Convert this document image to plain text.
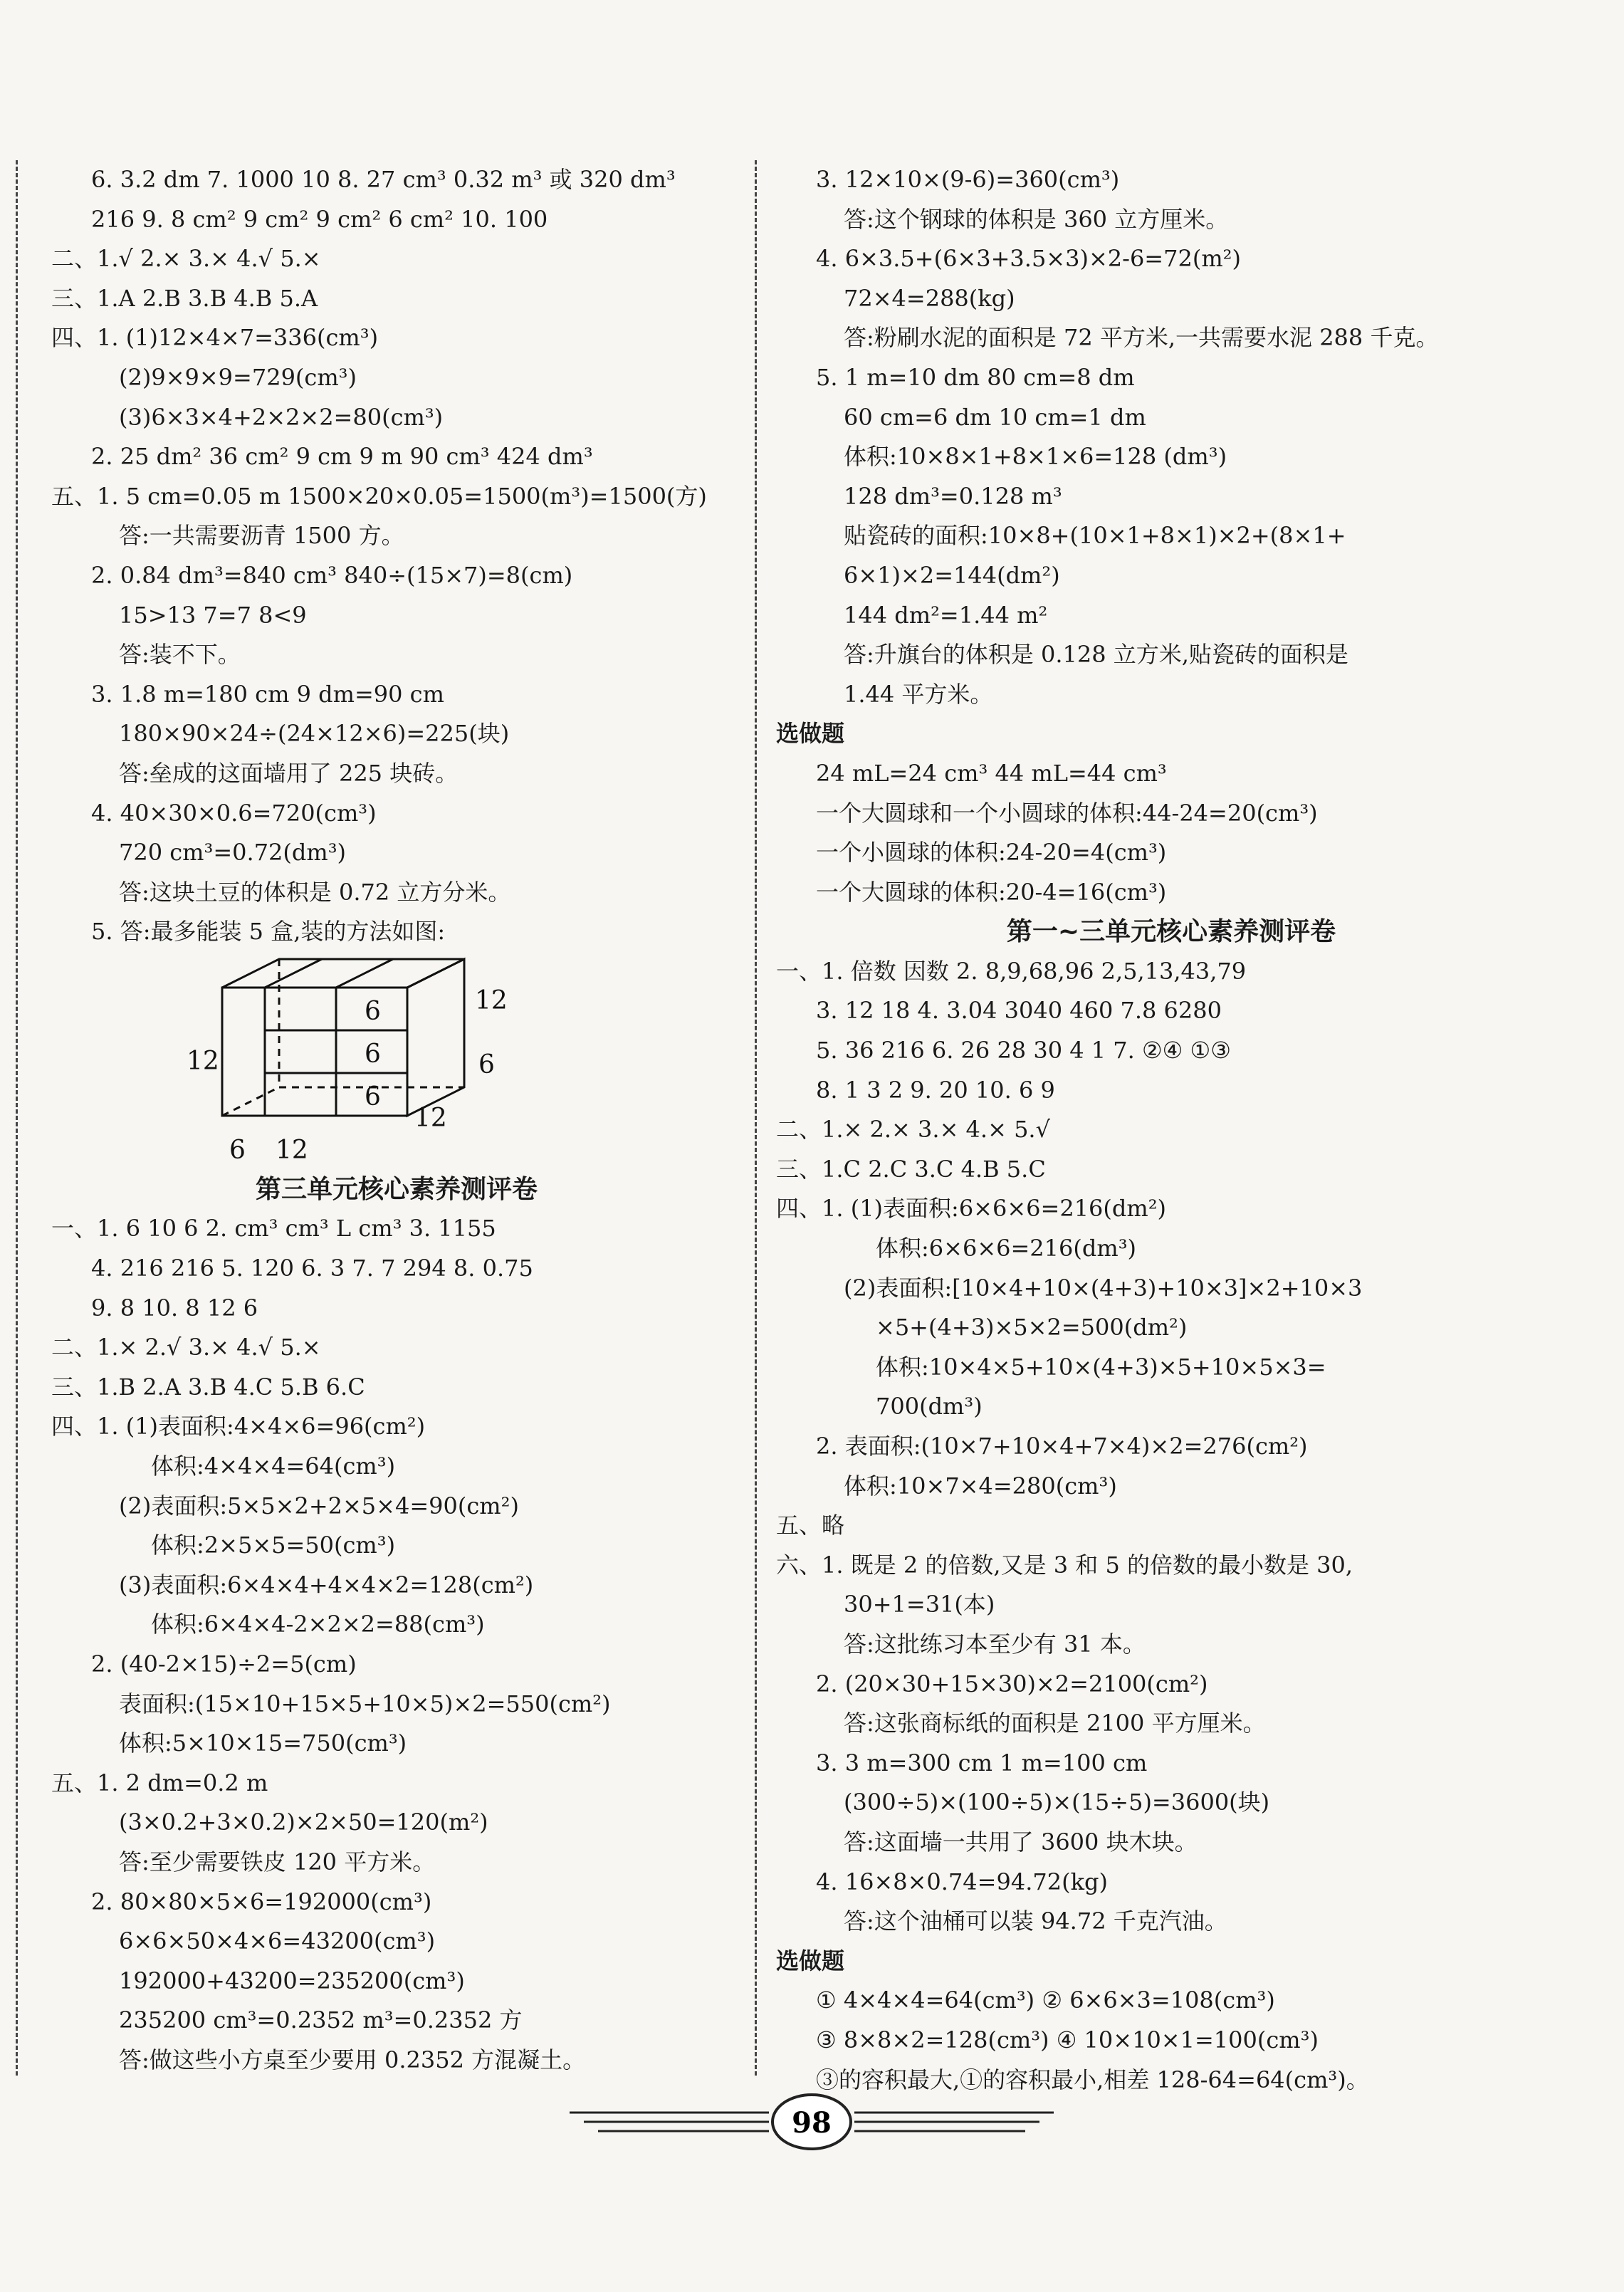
6. 3.2 dm 7. 1000 10 8. 27 cm³ 0.32 m³ 或 320 dm³
216 9. 8 cm² 9 cm² 9 cm² 6 cm² 10. 100
二、1.√ 2.× 3.× 4.√ 5.×
三、1.A 2.B 3.B 4.B 5.A
四、1. (1)12×4×7=336(cm³)
(2)9×9×9=729(cm³)
(3)6×3×4+2×2×2=80(cm³)
2. 25 dm² 36 cm² 9 cm 9 m 90 cm³ 424 dm³
五、1. 5 cm=0.05 m 1500×20×0.05=1500(m³)=1500(方)
答:一共需要沥青 1500 方。
2. 0.84 dm³=840 cm³ 840÷(15×7)=8(cm)
15>13 7=7 8<9
答:装不下。
3. 1.8 m=180 cm 9 dm=90 cm
180×90×24÷(24×12×6)=225(块)
答:垒成的这面墙用了 225 块砖。
4. 40×30×0.6=720(cm³)
720 cm³=0.72(dm³)
答:这块土豆的体积是 0.72 立方分米。
5. 答:最多能装 5 盒,装的方法如图:
6
6
6
12
12
6
12
6 12
第三单元核心素养测评卷
一、1. 6 10 6 2. cm³ cm³ L cm³ 3. 1155
4. 216 216 5. 120 6. 3 7. 7 294 8. 0.75
9. 8 10. 8 12 6
二、1.× 2.√ 3.× 4.√ 5.×
三、1.B 2.A 3.B 4.C 5.B 6.C
四、1. (1)表面积:4×4×6=96(cm²)
体积:4×4×4=64(cm³)
(2)表面积:5×5×2+2×5×4=90(cm²)
体积:2×5×5=50(cm³)
(3)表面积:6×4×4+4×4×2=128(cm²)
体积:6×4×4-2×2×2=88(cm³)
2. (40-2×15)÷2=5(cm)
表面积:(15×10+15×5+10×5)×2=550(cm²)
体积:5×10×15=750(cm³)
五、1. 2 dm=0.2 m
(3×0.2+3×0.2)×2×50=120(m²)
答:至少需要铁皮 120 平方米。
2. 80×80×5×6=192000(cm³)
6×6×50×4×6=43200(cm³)
192000+43200=235200(cm³)
235200 cm³=0.2352 m³=0.2352 方
答:做这些小方桌至少要用 0.2352 方混凝土。
3. 12×10×(9-6)=360(cm³)
答:这个钢球的体积是 360 立方厘米。
4. 6×3.5+(6×3+3.5×3)×2-6=72(m²)
72×4=288(kg)
答:粉刷水泥的面积是 72 平方米,一共需要水泥 288 千克。
5. 1 m=10 dm 80 cm=8 dm
60 cm=6 dm 10 cm=1 dm
体积:10×8×1+8×1×6=128 (dm³)
128 dm³=0.128 m³
贴瓷砖的面积:10×8+(10×1+8×1)×2+(8×1+
6×1)×2=144(dm²)
144 dm²=1.44 m²
答:升旗台的体积是 0.128 立方米,贴瓷砖的面积是
1.44 平方米。
选做题
24 mL=24 cm³ 44 mL=44 cm³
一个大圆球和一个小圆球的体积:44-24=20(cm³)
一个小圆球的体积:24-20=4(cm³)
一个大圆球的体积:20-4=16(cm³)
第一~三单元核心素养测评卷
一、1. 倍数 因数 2. 8,9,68,96 2,5,13,43,79
3. 12 18 4. 3.04 3040 460 7.8 6280
5. 36 216 6. 26 28 30 4 1 7. ②④ ①③
8. 1 3 2 9. 20 10. 6 9
二、1.× 2.× 3.× 4.× 5.√
三、1.C 2.C 3.C 4.B 5.C
四、1. (1)表面积:6×6×6=216(dm²)
体积:6×6×6=216(dm³)
(2)表面积:[10×4+10×(4+3)+10×3]×2+10×3
×5+(4+3)×5×2=500(dm²)
体积:10×4×5+10×(4+3)×5+10×5×3=
700(dm³)
2. 表面积:(10×7+10×4+7×4)×2=276(cm²)
体积:10×7×4=280(cm³)
五、略
六、1. 既是 2 的倍数,又是 3 和 5 的倍数的最小数是 30,
30+1=31(本)
答:这批练习本至少有 31 本。
2. (20×30+15×30)×2=2100(cm²)
答:这张商标纸的面积是 2100 平方厘米。
3. 3 m=300 cm 1 m=100 cm
(300÷5)×(100÷5)×(15÷5)=3600(块)
答:这面墙一共用了 3600 块木块。
4. 16×8×0.74=94.72(kg)
答:这个油桶可以装 94.72 千克汽油。
选做题
① 4×4×4=64(cm³) ② 6×6×3=108(cm³)
③ 8×8×2=128(cm³) ④ 10×10×1=100(cm³)
③的容积最大,①的容积最小,相差 128-64=64(cm³)。
98
